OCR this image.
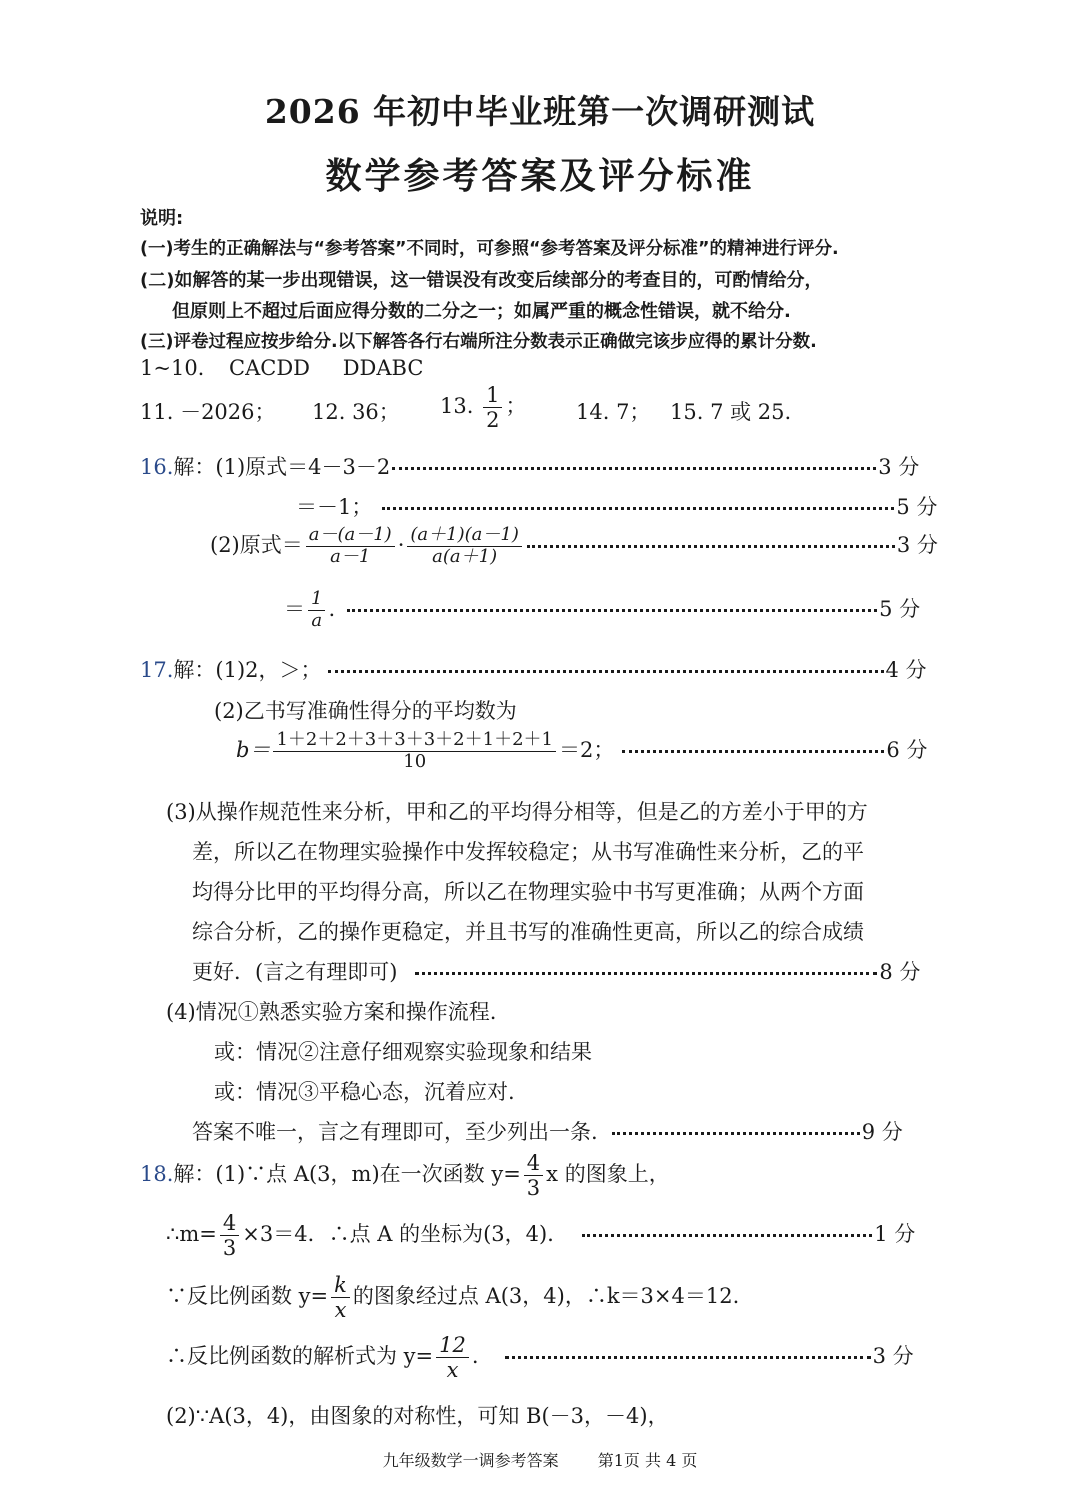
2026 年初中毕业班第一次调研测试
数学参考答案及评分标准
说明:
(一)考生的正确解法与“参考答案”不同时，可参照“参考答案及评分标准”的精神进行评分.
(二)如解答的某一步出现错误，这一错误没有改变后续部分的考查目的，可酌情给分，
但原则上不超过后面应得分数的二分之一；如属严重的概念性错误，就不给分.
(三)评卷过程应按步给分.以下解答各行右端所注分数表示正确做完该步应得的累计分数.
1~10. CACDD DDABC
11. －2026； 12. 36； 13. $\frac{1}{2}$ ； 14. 7； 15. 7 或 25.
16.解：(1)原式＝4－3－2	3 分
＝－1；	5 分
(2)原式＝ $\frac{a-(a-1)}{a-1} \cdot \frac{(a+1)(a-1)}{a(a+1)}$	3 分
＝ $\frac{1}{a}$ .	5 分
17.解：(1)2，＞；	4 分
(2)乙书写准确性得分的平均数为
$b= \frac{1+2+2+3+3+3+2+1+2+1}{10} =2$；	6 分
(3)从操作规范性来分析，甲和乙的平均得分相等，但是乙的方差小于甲的方
差，所以乙在物理实验操作中发挥较稳定；从书写准确性来分析，乙的平
均得分比甲的平均得分高，所以乙在物理实验中书写更准确；从两个方面
综合分析，乙的操作更稳定，并且书写的准确性更高，所以乙的综合成绩
更好．(言之有理即可)	8 分
(4)情况①熟悉实验方案和操作流程.
或：情况②注意仔细观察实验现象和结果
或：情况③平稳心态，沉着应对.
答案不唯一，言之有理即可，至少列出一条.	9 分
18.解：(1)∵点 A(3，m)在一次函数 $y= \frac{4}{3}$ x 的图象上，
∴m= $\frac{4}{3} \times 3=4$．∴点 A 的坐标为(3，4)．	1 分
∵反比例函数 $y= \frac{k}{x}$ 的图象经过点 A(3，4)，∴k＝3×4＝12.
∴反比例函数的解析式为 $y= \frac{12}{x}$ .	3 分
(2)∵A(3，4)，由图象的对称性，可知 B(－3，－4)，
九年级数学一调参考答案 第1页 共 4 页
